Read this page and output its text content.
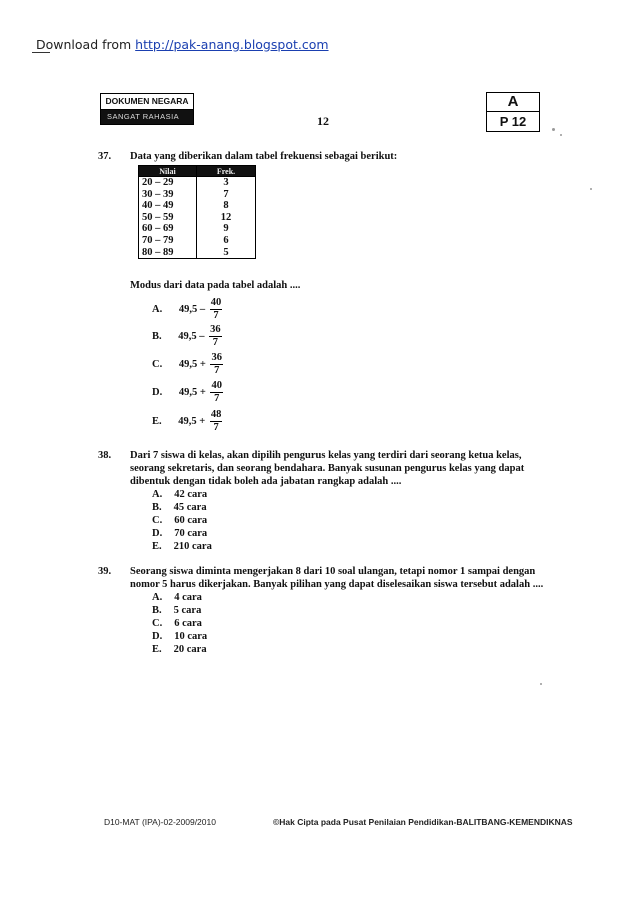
Download from http://pak-anang.blogspot.com
DOKUMEN NEGARA
SANGAT RAHASIA	12
A
P 12
37. Data yang diberikan dalam tabel frekuensi sebagai berikut:
Nilai	Frek.
20 – 29	3
30 – 39	7
40 – 49	8
50 – 59	12
60 – 69	9
70 – 79	6
80 – 89	5
Modus dari data pada tabel adalah ....
A. $49,5 - \frac{40}{7}$
B. $49,5 - \frac{36}{7}$
C. $49,5 + \frac{36}{7}$
D. $49,5 + \frac{40}{7}$
E. $49,5 + \frac{48}{7}$
38. Dari 7 siswa di kelas, akan dipilih pengurus kelas yang terdiri dari seorang ketua kelas,
seorang sekretaris, dan seorang bendahara. Banyak susunan pengurus kelas yang dapat
dibentuk dengan tidak boleh ada jabatan rangkap adalah ....
A. 42 cara
B. 45 cara
C. 60 cara
D. 70 cara
E. 210 cara
39. Seorang siswa diminta mengerjakan 8 dari 10 soal ulangan, tetapi nomor 1 sampai dengan
nomor 5 harus dikerjakan. Banyak pilihan yang dapat diselesaikan siswa tersebut adalah ....
A. 4 cara
B. 5 cara
C. 6 cara
D. 10 cara
E. 20 cara
D10-MAT (IPA)-02-2009/2010	©Hak Cipta pada Pusat Penilaian Pendidikan-BALITBANG-KEMENDIKNAS
